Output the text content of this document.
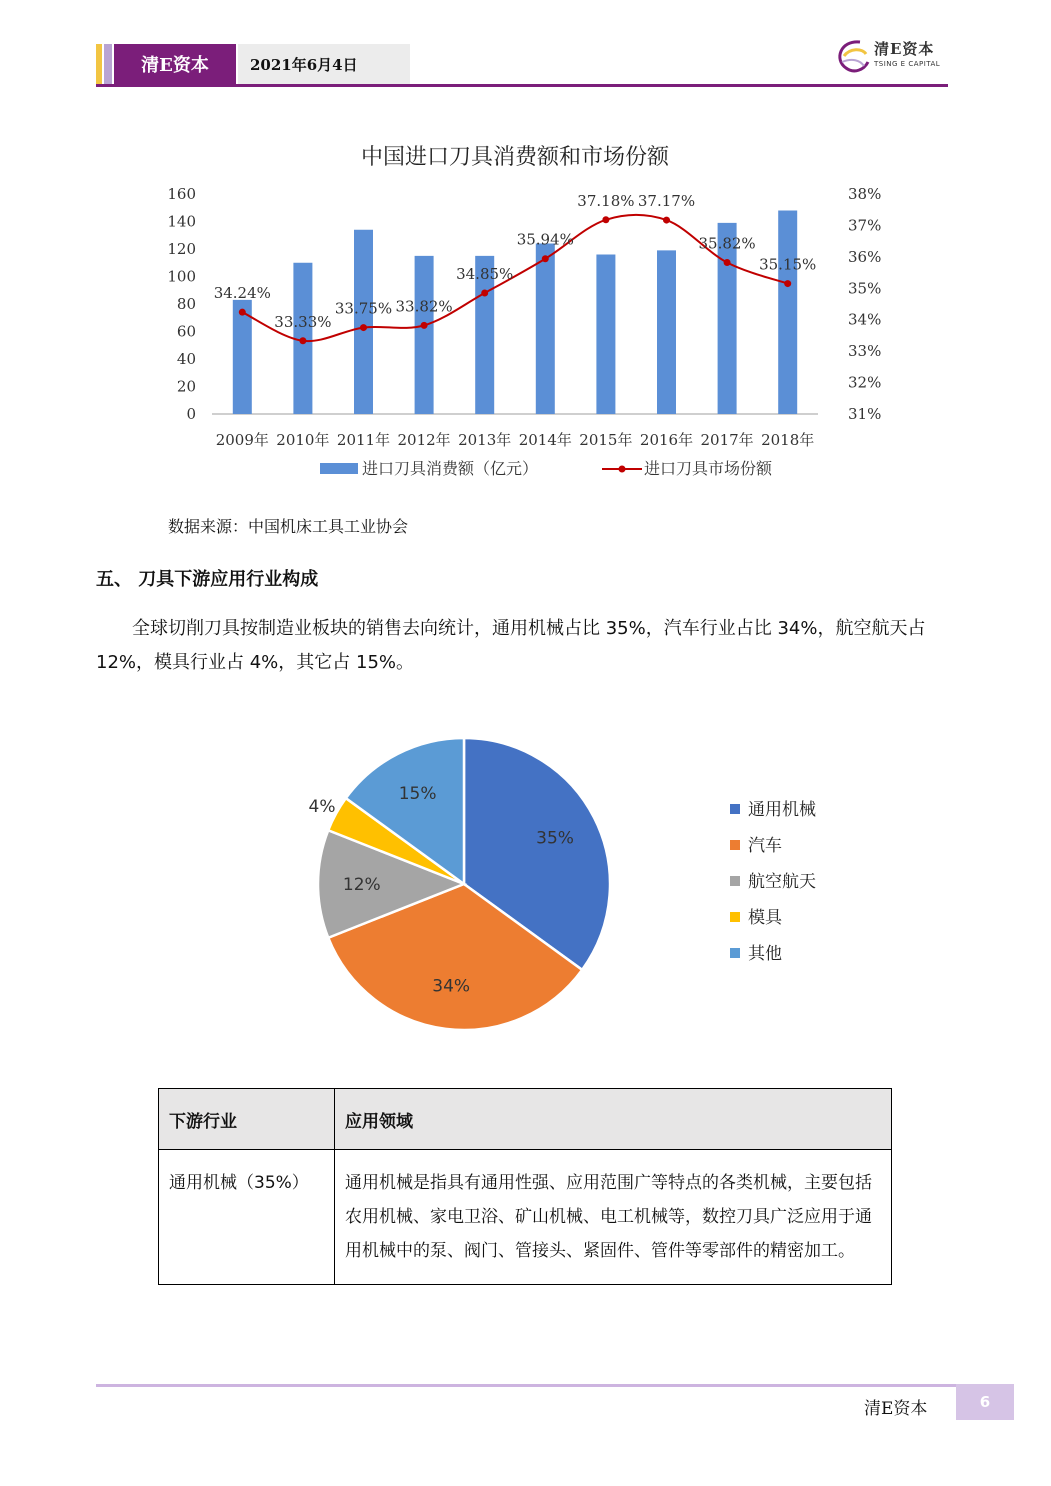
清E资本	2021年6月4日
清E资本
TSING E CAPITAL
中国进口刀具消费额和市场份额
0
20
40
60
80
100
120
140
160
31%
32%
33%
34%
35%
36%
37%
38%
2009年 2010年 2011年 2012年 2013年 2014年 2015年 2016年 2017年 2018年
34.24%
33.33%
33.75% 33.82%
34.85%
35.94%
37.18% 37.17%
35.82%
35.15%
进口刀具消费额（亿元）	进口刀具市场份额
数据来源：中国机床工具工业协会
五、 刀具下游应用行业构成
全球切削刀具按制造业板块的销售去向统计，通用机械占比 35%，汽车行业占比 34%，航空航天占 12%，模具行业占 4%，其它占 15%。
35%
34%
12%
4%
15%
通用机械
汽车
航空航天
模具
其他
下游行业	应用领域
通用机械（35%）	通用机械是指具有通用性强、应用范围广等特点的各类机械，主要包括农用机械、家电卫浴、矿山机械、电工机械等，数控刀具广泛应用于通用机械中的泵、阀门、管接头、紧固件、管件等零部件的精密加工。
清E资本	6
